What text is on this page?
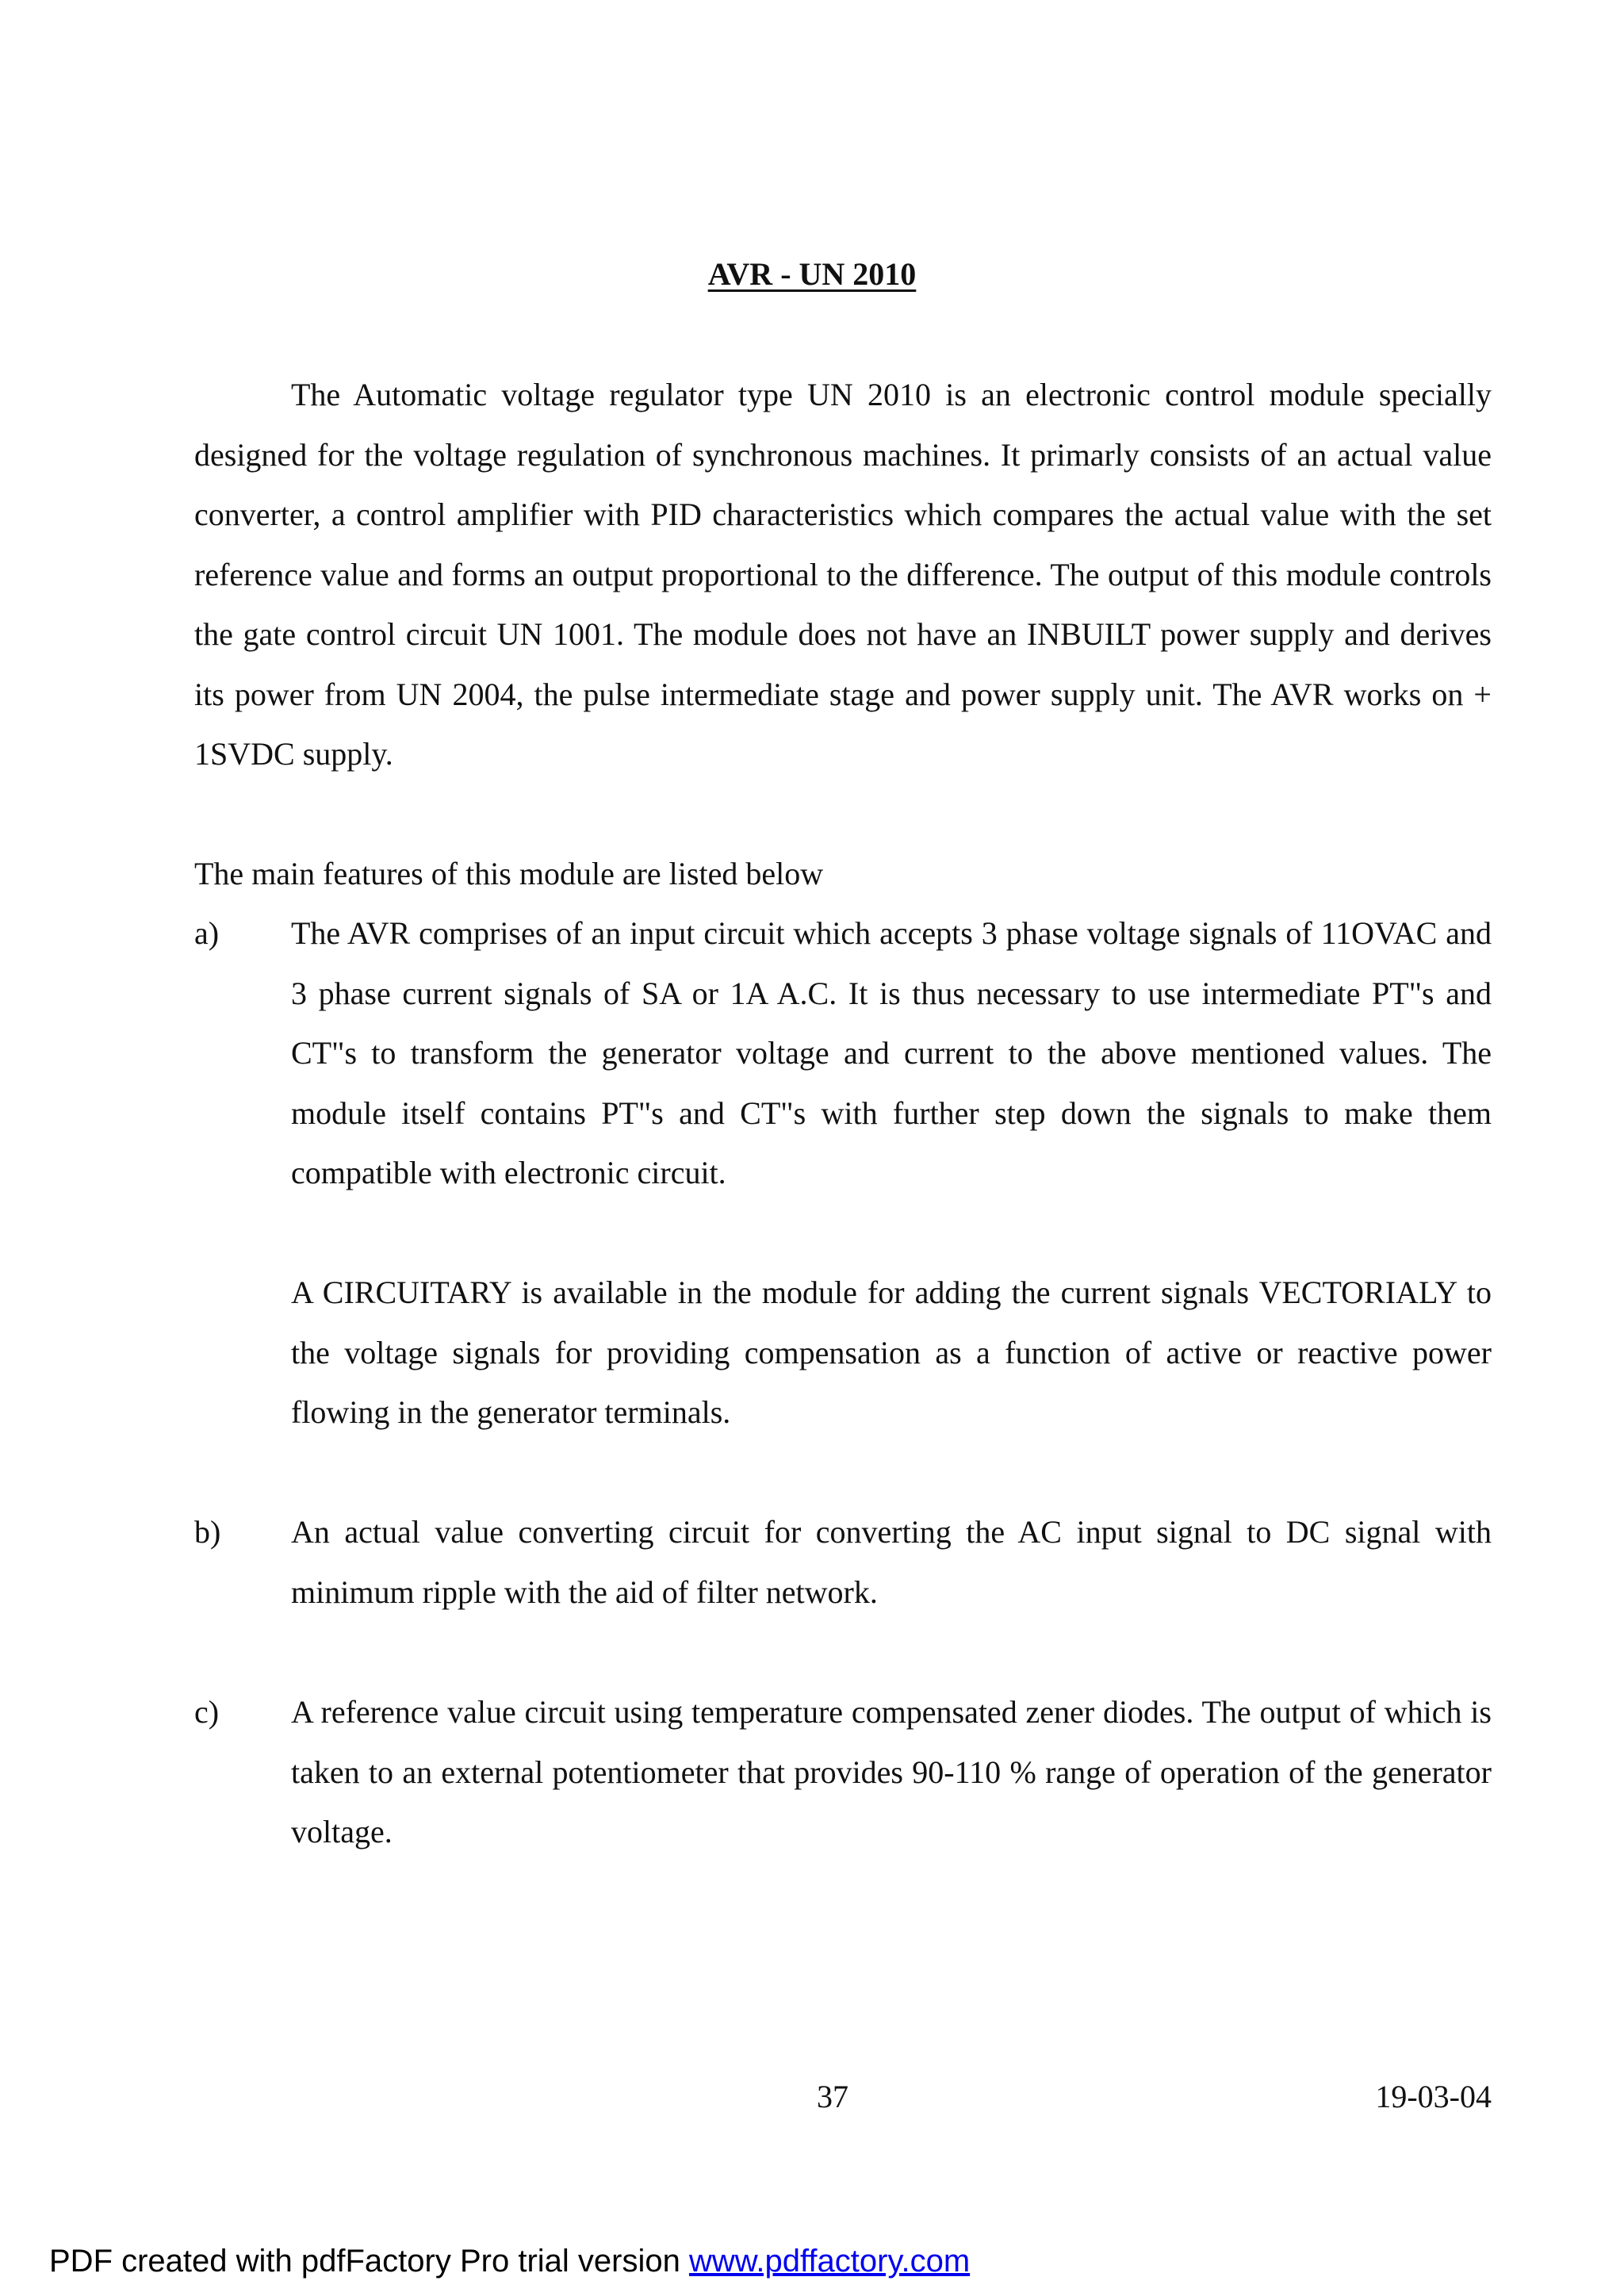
AVR - UN 2010

The Automatic voltage regulator type UN 2010 is an electronic control module specially designed for the voltage regulation of synchronous machines. It primarly consists of an actual value converter, a control amplifier with PID characteristics which compares the actual value with the set reference value and forms an output proportional to the difference. The output of this module controls the gate control circuit UN 1001. The module does not have an INBUILT power supply and derives its power from UN 2004, the pulse intermediate stage and power supply unit. The AVR works on + 1SVDC supply.

The main features of this module are listed below

a) The AVR comprises of an input circuit which accepts 3 phase voltage signals of 11OVAC and 3 phase current signals of SA or 1A A.C. It is thus necessary to use intermediate PT"s and CT"s to transform the generator voltage and current to the above mentioned values. The module itself contains PT"s and CT"s with further step down the signals to make them compatible with electronic circuit.

A CIRCUITARY is available in the module for adding the current signals VECTORIALY to the voltage signals for providing compensation as a function of active or reactive power flowing in the generator terminals.

b) An actual value converting circuit for converting the AC input signal to DC signal with minimum ripple with the aid of filter network.

c) A reference value circuit using temperature compensated zener diodes. The output of which is taken to an external potentiometer that provides 90-110 % range of operation of the generator voltage.

37	19-03-04
PDF created with pdfFactory Pro trial version www.pdffactory.com
